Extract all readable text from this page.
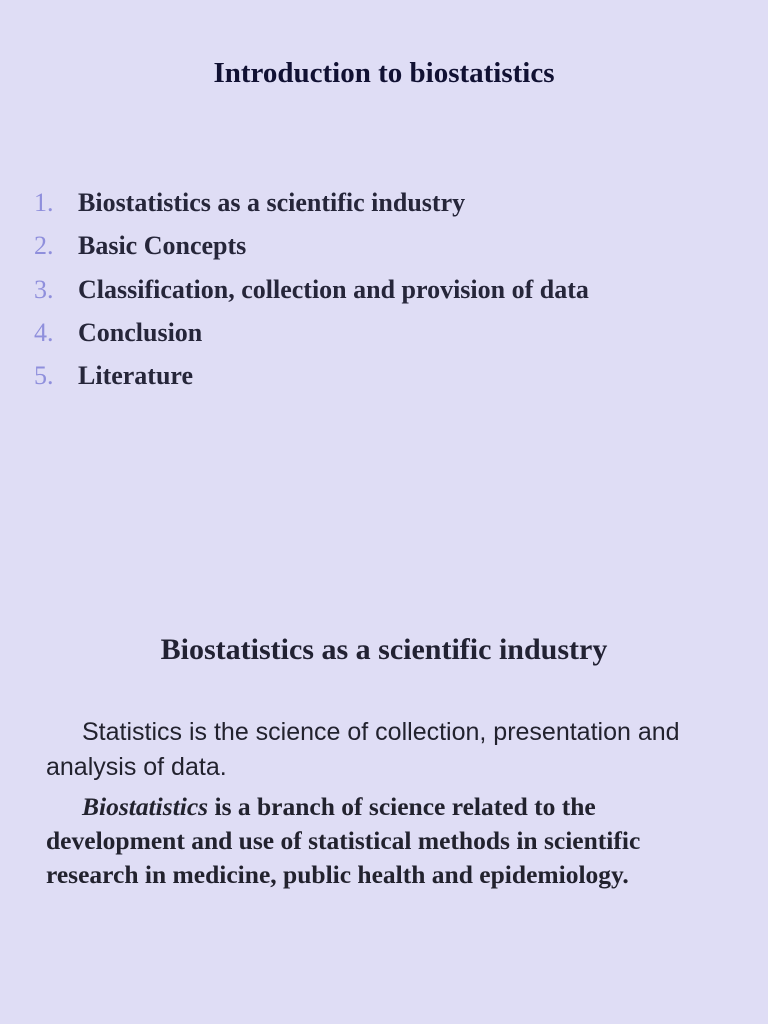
Introduction to biostatistics
1. Biostatistics as a scientific industry
2. Basic Concepts
3. Classification, collection and provision of data
4. Conclusion
5. Literature
Biostatistics as a scientific industry

Statistics is the science of collection, presentation and analysis of data.

Biostatistics is a branch of science related to the development and use of statistical methods in scientific research in medicine, public health and epidemiology.
